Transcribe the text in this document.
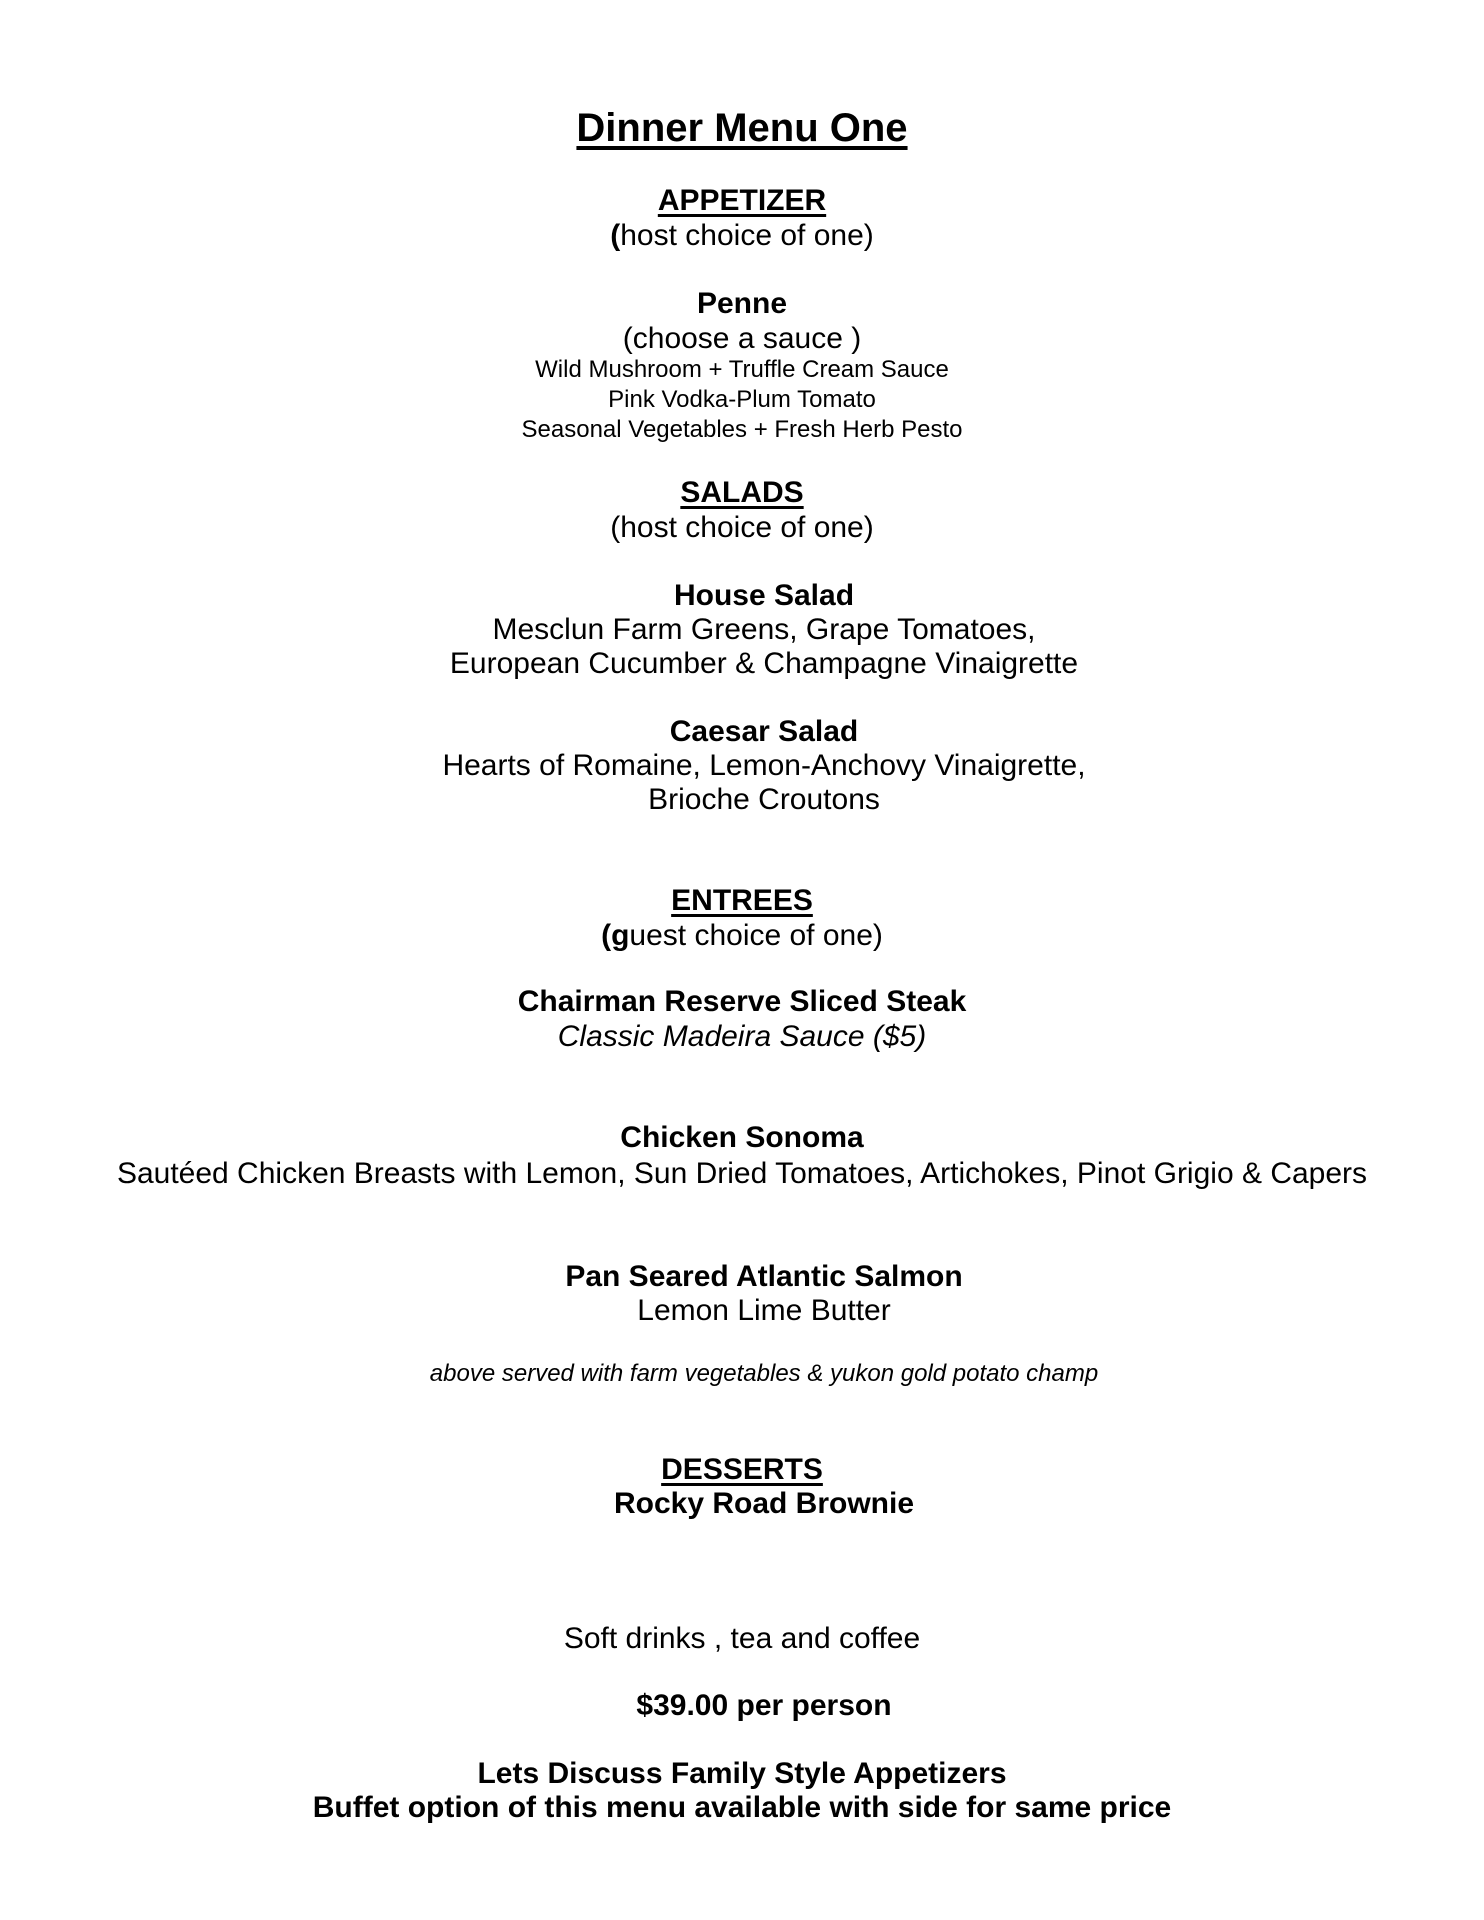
Dinner Menu One
APPETIZER
(host choice of one)
Penne
(choose a sauce )
Wild Mushroom + Truffle Cream Sauce
Pink Vodka-Plum Tomato
Seasonal Vegetables + Fresh Herb Pesto
SALADS
(host choice of one)
House Salad
Mesclun Farm Greens, Grape Tomatoes,
European Cucumber & Champagne Vinaigrette
Caesar Salad
Hearts of Romaine, Lemon-Anchovy Vinaigrette,
Brioche Croutons
ENTREES
(guest choice of one)
Chairman Reserve Sliced Steak
Classic Madeira Sauce ($5)
Chicken Sonoma
Sautéed Chicken Breasts with Lemon, Sun Dried Tomatoes, Artichokes, Pinot Grigio & Capers
Pan Seared Atlantic Salmon
Lemon Lime Butter
above served with farm vegetables & yukon gold potato champ
DESSERTS
Rocky Road Brownie
Soft drinks , tea and coffee
$39.00 per person
Lets Discuss Family Style Appetizers
Buffet option of this menu available with side for same price
